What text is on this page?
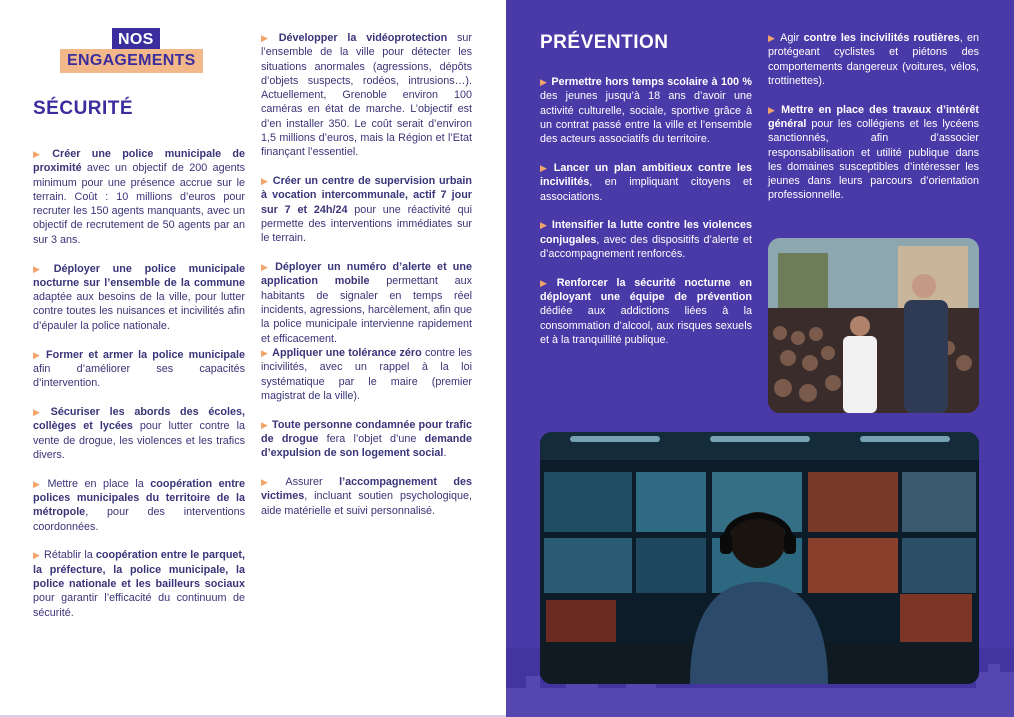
NOS
ENGAGEMENTS
SÉCURITÉ
▶ Créer une police municipale de proximité avec un objectif de 200 agents minimum pour une présence accrue sur le terrain. Coût : 10 millions d’euros pour recruter les 150 agents manquants, avec un objectif de recrutement de 50 agents par an sur 3 ans.
▶ Déployer une police municipale nocturne sur l’ensemble de la commune adaptée aux besoins de la ville, pour lutter contre toutes les nuisances et incivilités afin d’épauler la police nationale.
▶ Former et armer la police municipale afin d’améliorer ses capacités d’intervention.
▶ Sécuriser les abords des écoles, collèges et lycées pour lutter contre la vente de drogue, les violences et les trafics divers.
▶ Mettre en place la coopération entre polices municipales du territoire de la métropole, pour des interventions coordonnées.
▶ Rétablir la coopération entre le parquet, la préfecture, la police municipale, la police nationale et les bailleurs sociaux pour garantir l’efficacité du continuum de sécurité.
▶ Développer la vidéoprotection sur l’ensemble de la ville pour détecter les situations anormales (agressions, dépôts d’objets suspects, rodéos, intrusions…). Actuellement, Grenoble environ 100 caméras en état de marche. L’objectif est d’en installer 350. Le coût serait d’environ 1,5 millions d’euros, mais la Région et l’Etat finançant l’essentiel.
▶ Créer un centre de supervision urbain à vocation intercommunale, actif 7 jour sur 7 et 24h/24 pour une réactivité qui permette des interventions immédiates sur le terrain.
▶ Déployer un numéro d’alerte et une application mobile permettant aux habitants de signaler en temps réel incidents, agressions, harcèlement, afin que la police municipale intervienne rapidement et efficacement.
▶ Appliquer une tolérance zéro contre les incivilités, avec un rappel à la loi systématique par le maire (premier magistrat de la ville).
▶ Toute personne condamnée pour trafic de drogue fera l’objet d’une demande d’expulsion de son logement social.
▶ Assurer l’accompagnement des victimes, incluant soutien psychologique, aide matérielle et suivi personnalisé.
PRÉVENTION
▶ Permettre hors temps scolaire à 100 % des jeunes jusqu’à 18 ans d’avoir une activité culturelle, sociale, sportive grâce à un contrat passé entre la ville et l’ensemble des acteurs associatifs du territoire.
▶ Lancer un plan ambitieux contre les incivilités, en impliquant citoyens et associations.
▶ Intensifier la lutte contre les violences conjugales, avec des dispositifs d’alerte et d’accompagnement renforcés.
▶ Renforcer la sécurité nocturne en déployant une équipe de prévention dédiée aux addictions liées à la consommation d’alcool, aux risques sexuels et à la tranquillité publique.
▶ Agir contre les incivilités routières, en protégeant cyclistes et piétons des comportements dangereux (voitures, vélos, trottinettes).
▶ Mettre en place des travaux d’intérêt général pour les collégiens et les lycéens sanctionnés, afin d’associer responsabilisation et utilité publique dans les domaines susceptibles d’intéresser les jeunes dans leurs parcours d’orientation professionnelle.
